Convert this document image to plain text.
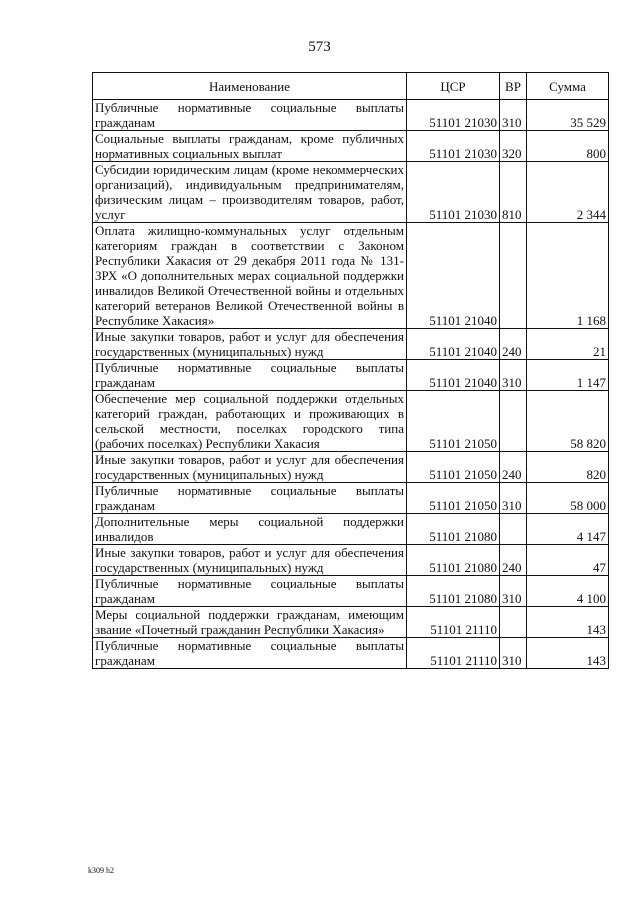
573
Наименование	ЦСР	ВР	Сумма
Публичные нормативные социальные выплаты гражданам	51101 21030	310	35 529
Социальные выплаты гражданам, кроме публичных нормативных социальных выплат	51101 21030	320	800
Субсидии юридическим лицам (кроме некоммерческих организаций), индивидуальным предпринимателям, физическим лицам – производителям товаров, работ, услуг	51101 21030	810	2 344
Оплата жилищно-коммунальных услуг отдельным категориям граждан в соответствии с Законом Республики Хакасия от 29 декабря 2011 года № 131-ЗРХ «О дополнительных мерах социальной поддержки инвалидов Великой Отечественной войны и отдельных категорий ветеранов Великой Отечественной войны в Республике Хакасия»	51101 21040		1 168
Иные закупки товаров, работ и услуг для обеспечения государственных (муниципальных) нужд	51101 21040	240	21
Публичные нормативные социальные выплаты гражданам	51101 21040	310	1 147
Обеспечение мер социальной поддержки отдельных категорий граждан, работающих и проживающих в сельской местности, поселках городского типа (рабочих поселках) Республики Хакасия	51101 21050		58 820
Иные закупки товаров, работ и услуг для обеспечения государственных (муниципальных) нужд	51101 21050	240	820
Публичные нормативные социальные выплаты гражданам	51101 21050	310	58 000
Дополнительные меры социальной поддержки инвалидов	51101 21080		4 147
Иные закупки товаров, работ и услуг для обеспечения государственных (муниципальных) нужд	51101 21080	240	47
Публичные нормативные социальные выплаты гражданам	51101 21080	310	4 100
Меры социальной поддержки гражданам, имеющим звание «Почетный гражданин Республики Хакасия»	51101 21110		143
Публичные нормативные социальные выплаты гражданам	51101 21110	310	143
k309 h2
